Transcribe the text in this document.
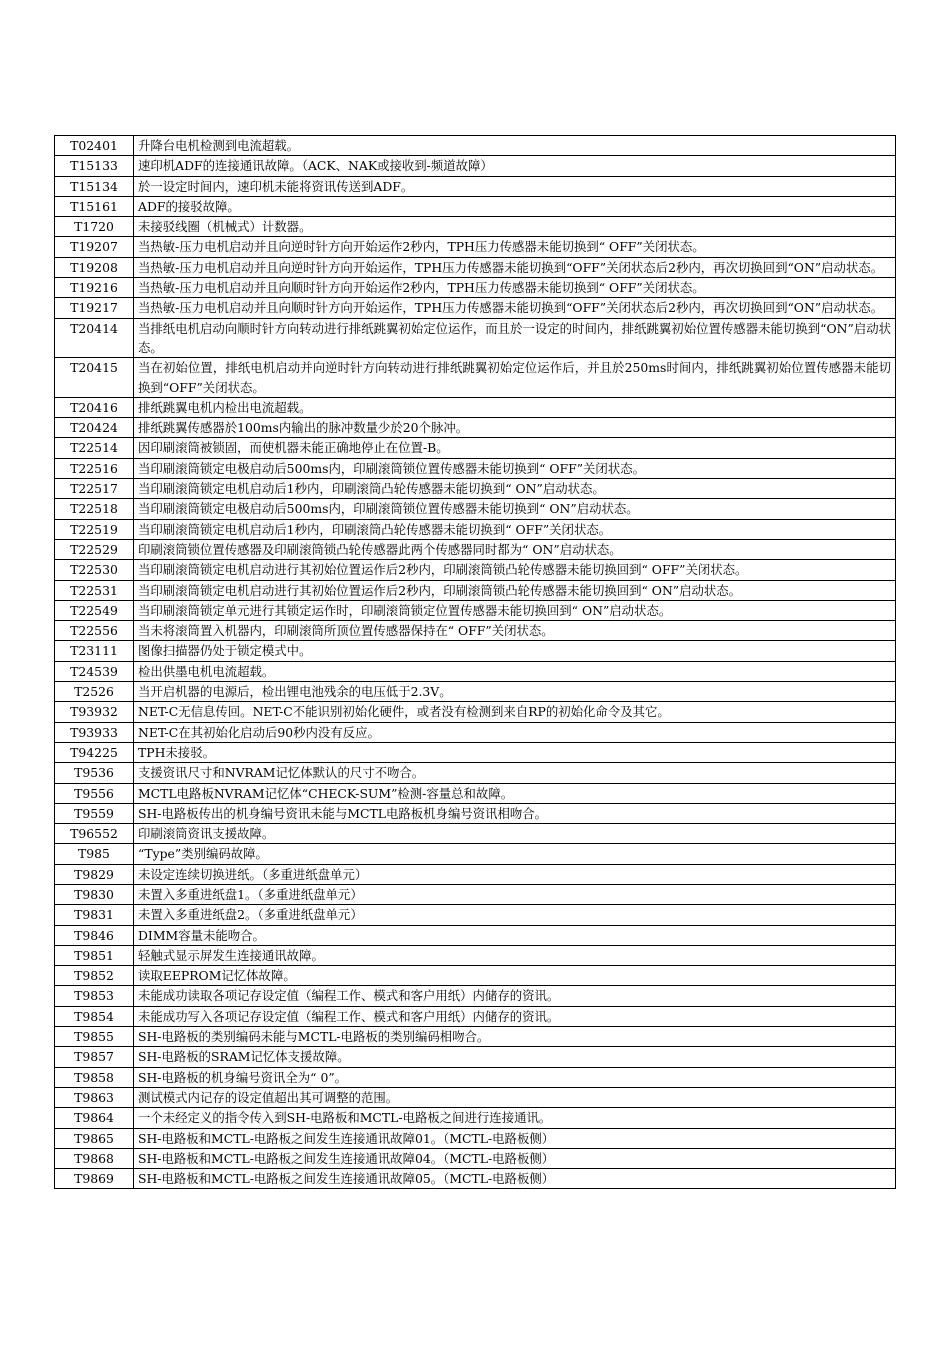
T02401	升降台电机检测到电流超载。
T15133	速印机ADF的连接通讯故障。（ACK、NAK或接收到-频道故障）
T15134	於一设定时间内，速印机未能将资讯传送到ADF。
T15161	ADF的接驳故障。
T1720	未接驳线圈（机械式）计数器。
T19207	当热敏-压力电机启动并且向逆时针方向开始运作2秒内，TPH压力传感器未能切换到“ OFF”关闭状态。
T19208	当热敏-压力电机启动并且向逆时针方向开始运作，TPH压力传感器未能切换到“OFF”关闭状态后2秒内，再次切换回到“ON”启动状态。
T19216	当热敏-压力电机启动并且向顺时针方向开始运作2秒内，TPH压力传感器未能切换到“ OFF”关闭状态。
T19217	当热敏-压力电机启动并且向顺时针方向开始运作，TPH压力传感器未能切换到“OFF”关闭状态后2秒内，再次切换回到“ON”启动状态。
T20414	当排纸电机启动向顺时针方向转动进行排纸跳翼初始定位运作，而且於一设定的时间内，排纸跳翼初始位置传感器未能切换到“ON”启动状态。
T20415	当在初始位置，排纸电机启动并向逆时针方向转动进行排纸跳翼初始定位运作后，并且於250ms时间内，排纸跳翼初始位置传感器未能切换到“OFF”关闭状态。
T20416	排纸跳翼电机内检出电流超载。
T20424	排纸跳翼传感器於100ms内输出的脉冲数量少於20个脉冲。
T22514	因印刷滚筒被锁固，而使机器未能正确地停止在位置-B。
T22516	当印刷滚筒锁定电极启动后500ms内，印刷滚筒锁位置传感器未能切换到“ OFF”关闭状态。
T22517	当印刷滚筒锁定电机启动后1秒内，印刷滚筒凸轮传感器未能切换到“ ON”启动状态。
T22518	当印刷滚筒锁定电极启动后500ms内，印刷滚筒锁位置传感器未能切换到“ ON”启动状态。
T22519	当印刷滚筒锁定电机启动后1秒内，印刷滚筒凸轮传感器未能切换到“ OFF”关闭状态。
T22529	印刷滚筒锁位置传感器及印刷滚筒锁凸轮传感器此两个传感器同时都为“ ON”启动状态。
T22530	当印刷滚筒锁定电机启动进行其初始位置运作后2秒内，印刷滚筒锁凸轮传感器未能切换回到“ OFF”关闭状态。
T22531	当印刷滚筒锁定电机启动进行其初始位置运作后2秒内，印刷滚筒锁凸轮传感器未能切换回到“ ON”启动状态。
T22549	当印刷滚筒锁定单元进行其锁定运作时，印刷滚筒锁定位置传感器未能切换回到“ ON”启动状态。
T22556	当未将滚筒置入机器内，印刷滚筒所顶位置传感器保持在“ OFF”关闭状态。
T23111	图像扫描器仍处于锁定模式中。
T24539	检出供墨电机电流超载。
T2526	当开启机器的电源后，检出锂电池残余的电压低于2.3V。
T93932	NET-C无信息传回。NET-C不能识别初始化硬件，或者没有检测到来自RP的初始化命令及其它。
T93933	NET-C在其初始化启动后90秒内没有反应。
T94225	TPH未接驳。
T9536	支援资讯尺寸和NVRAM记忆体默认的尺寸不吻合。
T9556	MCTL电路板NVRAM记忆体“CHECK-SUM”检测-容量总和故障。
T9559	SH-电路板传出的机身编号资讯未能与MCTL电路板机身编号资讯相吻合。
T96552	印刷滚筒资讯支援故障。
T985	“Type”类别编码故障。
T9829	未设定连续切换进纸。（多重进纸盘单元）
T9830	未置入多重进纸盘1。（多重进纸盘单元）
T9831	未置入多重进纸盘2。（多重进纸盘单元）
T9846	DIMM容量未能吻合。
T9851	轻触式显示屏发生连接通讯故障。
T9852	读取EEPROM记忆体故障。
T9853	未能成功读取各项记存设定值（编程工作、模式和客户用纸）内储存的资讯。
T9854	未能成功写入各项记存设定值（编程工作、模式和客户用纸）内储存的资讯。
T9855	SH-电路板的类别编码未能与MCTL-电路板的类别编码相吻合。
T9857	SH-电路板的SRAM记忆体支援故障。
T9858	SH-电路板的机身编号资讯全为“ 0”。
T9863	测试模式内记存的设定值超出其可调整的范围。
T9864	一个未经定义的指令传入到SH-电路板和MCTL-电路板之间进行连接通讯。
T9865	SH-电路板和MCTL-电路板之间发生连接通讯故障01。（MCTL-电路板侧）
T9868	SH-电路板和MCTL-电路板之间发生连接通讯故障04。（MCTL-电路板侧）
T9869	SH-电路板和MCTL-电路板之间发生连接通讯故障05。（MCTL-电路板侧）
